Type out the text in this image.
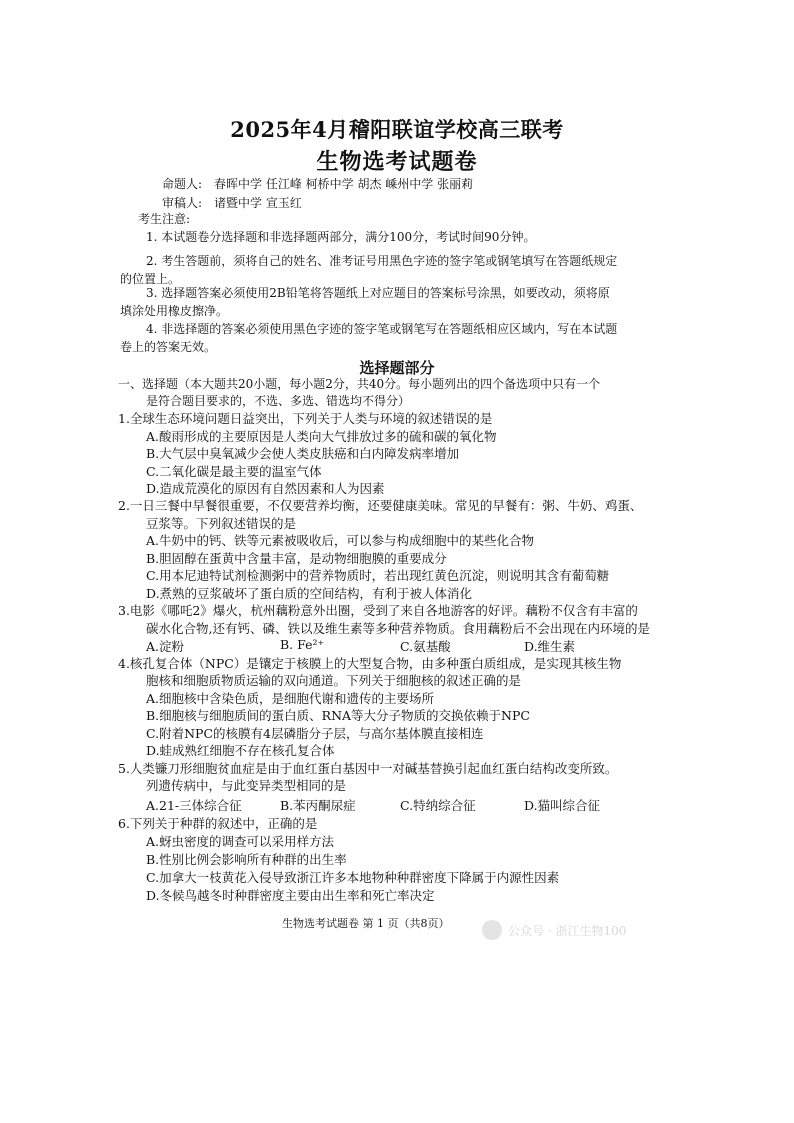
2025年4月稽阳联谊学校高三联考
生物选考试题卷
命题人: 春晖中学 任江峰 柯桥中学 胡杰 嵊州中学 张丽莉
审稿人: 诸暨中学 宣玉红
考生注意:
1. 本试题卷分选择题和非选择题两部分，满分100分，考试时间90分钟。
2. 考生答题前，须将自己的姓名、准考证号用黑色字迹的签字笔或钢笔填写在答题纸规定
的位置上。
3. 选择题答案必须使用2B铅笔将答题纸上对应题目的答案标号涂黑，如要改动，须将原
填涂处用橡皮擦净。
4. 非选择题的答案必须使用黑色字迹的签字笔或钢笔写在答题纸相应区域内，写在本试题
卷上的答案无效。
选择题部分
一、选择题（本大题共20小题，每小题2分，共40分。每小题列出的四个备选项中只有一个
是符合题目要求的，不选、多选、错选均不得分）
1.全球生态环境问题日益突出，下列关于人类与环境的叙述错误的是
A.酸雨形成的主要原因是人类向大气排放过多的硫和碳的氧化物
B.大气层中臭氧减少会使人类皮肤癌和白内障发病率增加
C.二氧化碳是最主要的温室气体
D.造成荒漠化的原因有自然因素和人为因素
2.一日三餐中早餐很重要，不仅要营养均衡，还要健康美味。常见的早餐有：粥、牛奶、鸡蛋、
豆浆等。下列叙述错误的是
A.牛奶中的钙、铁等元素被吸收后，可以参与构成细胞中的某些化合物
B.胆固醇在蛋黄中含量丰富，是动物细胞膜的重要成分
C.用本尼迪特试剂检测粥中的营养物质时，若出现红黄色沉淀，则说明其含有葡萄糖
D.煮熟的豆浆破坏了蛋白质的空间结构，有利于被人体消化
3.电影《哪吒2》爆火，杭州藕粉意外出圈，受到了来自各地游客的好评。藕粉不仅含有丰富的
碳水化合物,还有钙、磷、铁以及维生素等多种营养物质。食用藕粉后不会出现在内环境的是
A.淀粉	B. Fe²⁺	C.氨基酸	D.维生素
4.核孔复合体（NPC）是镶定于核膜上的大型复合物，由多种蛋白质组成，是实现其核生物
胞核和细胞质物质运输的双向通道。下列关于细胞核的叙述正确的是
A.细胞核中含染色质，是细胞代谢和遗传的主要场所
B.细胞核与细胞质间的蛋白质、RNA等大分子物质的交换依赖于NPC
C.附着NPC的核膜有4层磷脂分子层，与高尔基体膜直接相连
D.蛙成熟红细胞不存在核孔复合体
5.人类镰刀形细胞贫血症是由于血红蛋白基因中一对碱基替换引起血红蛋白结构改变所致。
列遗传病中，与此变异类型相同的是
A.21-三体综合征	B.苯丙酮尿症	C.特纳综合征	D.猫叫综合征
6.下列关于种群的叙述中，正确的是
A.蚜虫密度的调查可以采用样方法
B.性别比例会影响所有种群的出生率
C.加拿大一枝黄花入侵导致浙江许多本地物种种群密度下降属于内源性因素
D.冬候鸟越冬时种群密度主要由出生率和死亡率决定
生物选考试题卷 第 1 页（共8页）
公众号 · 浙江生物100
